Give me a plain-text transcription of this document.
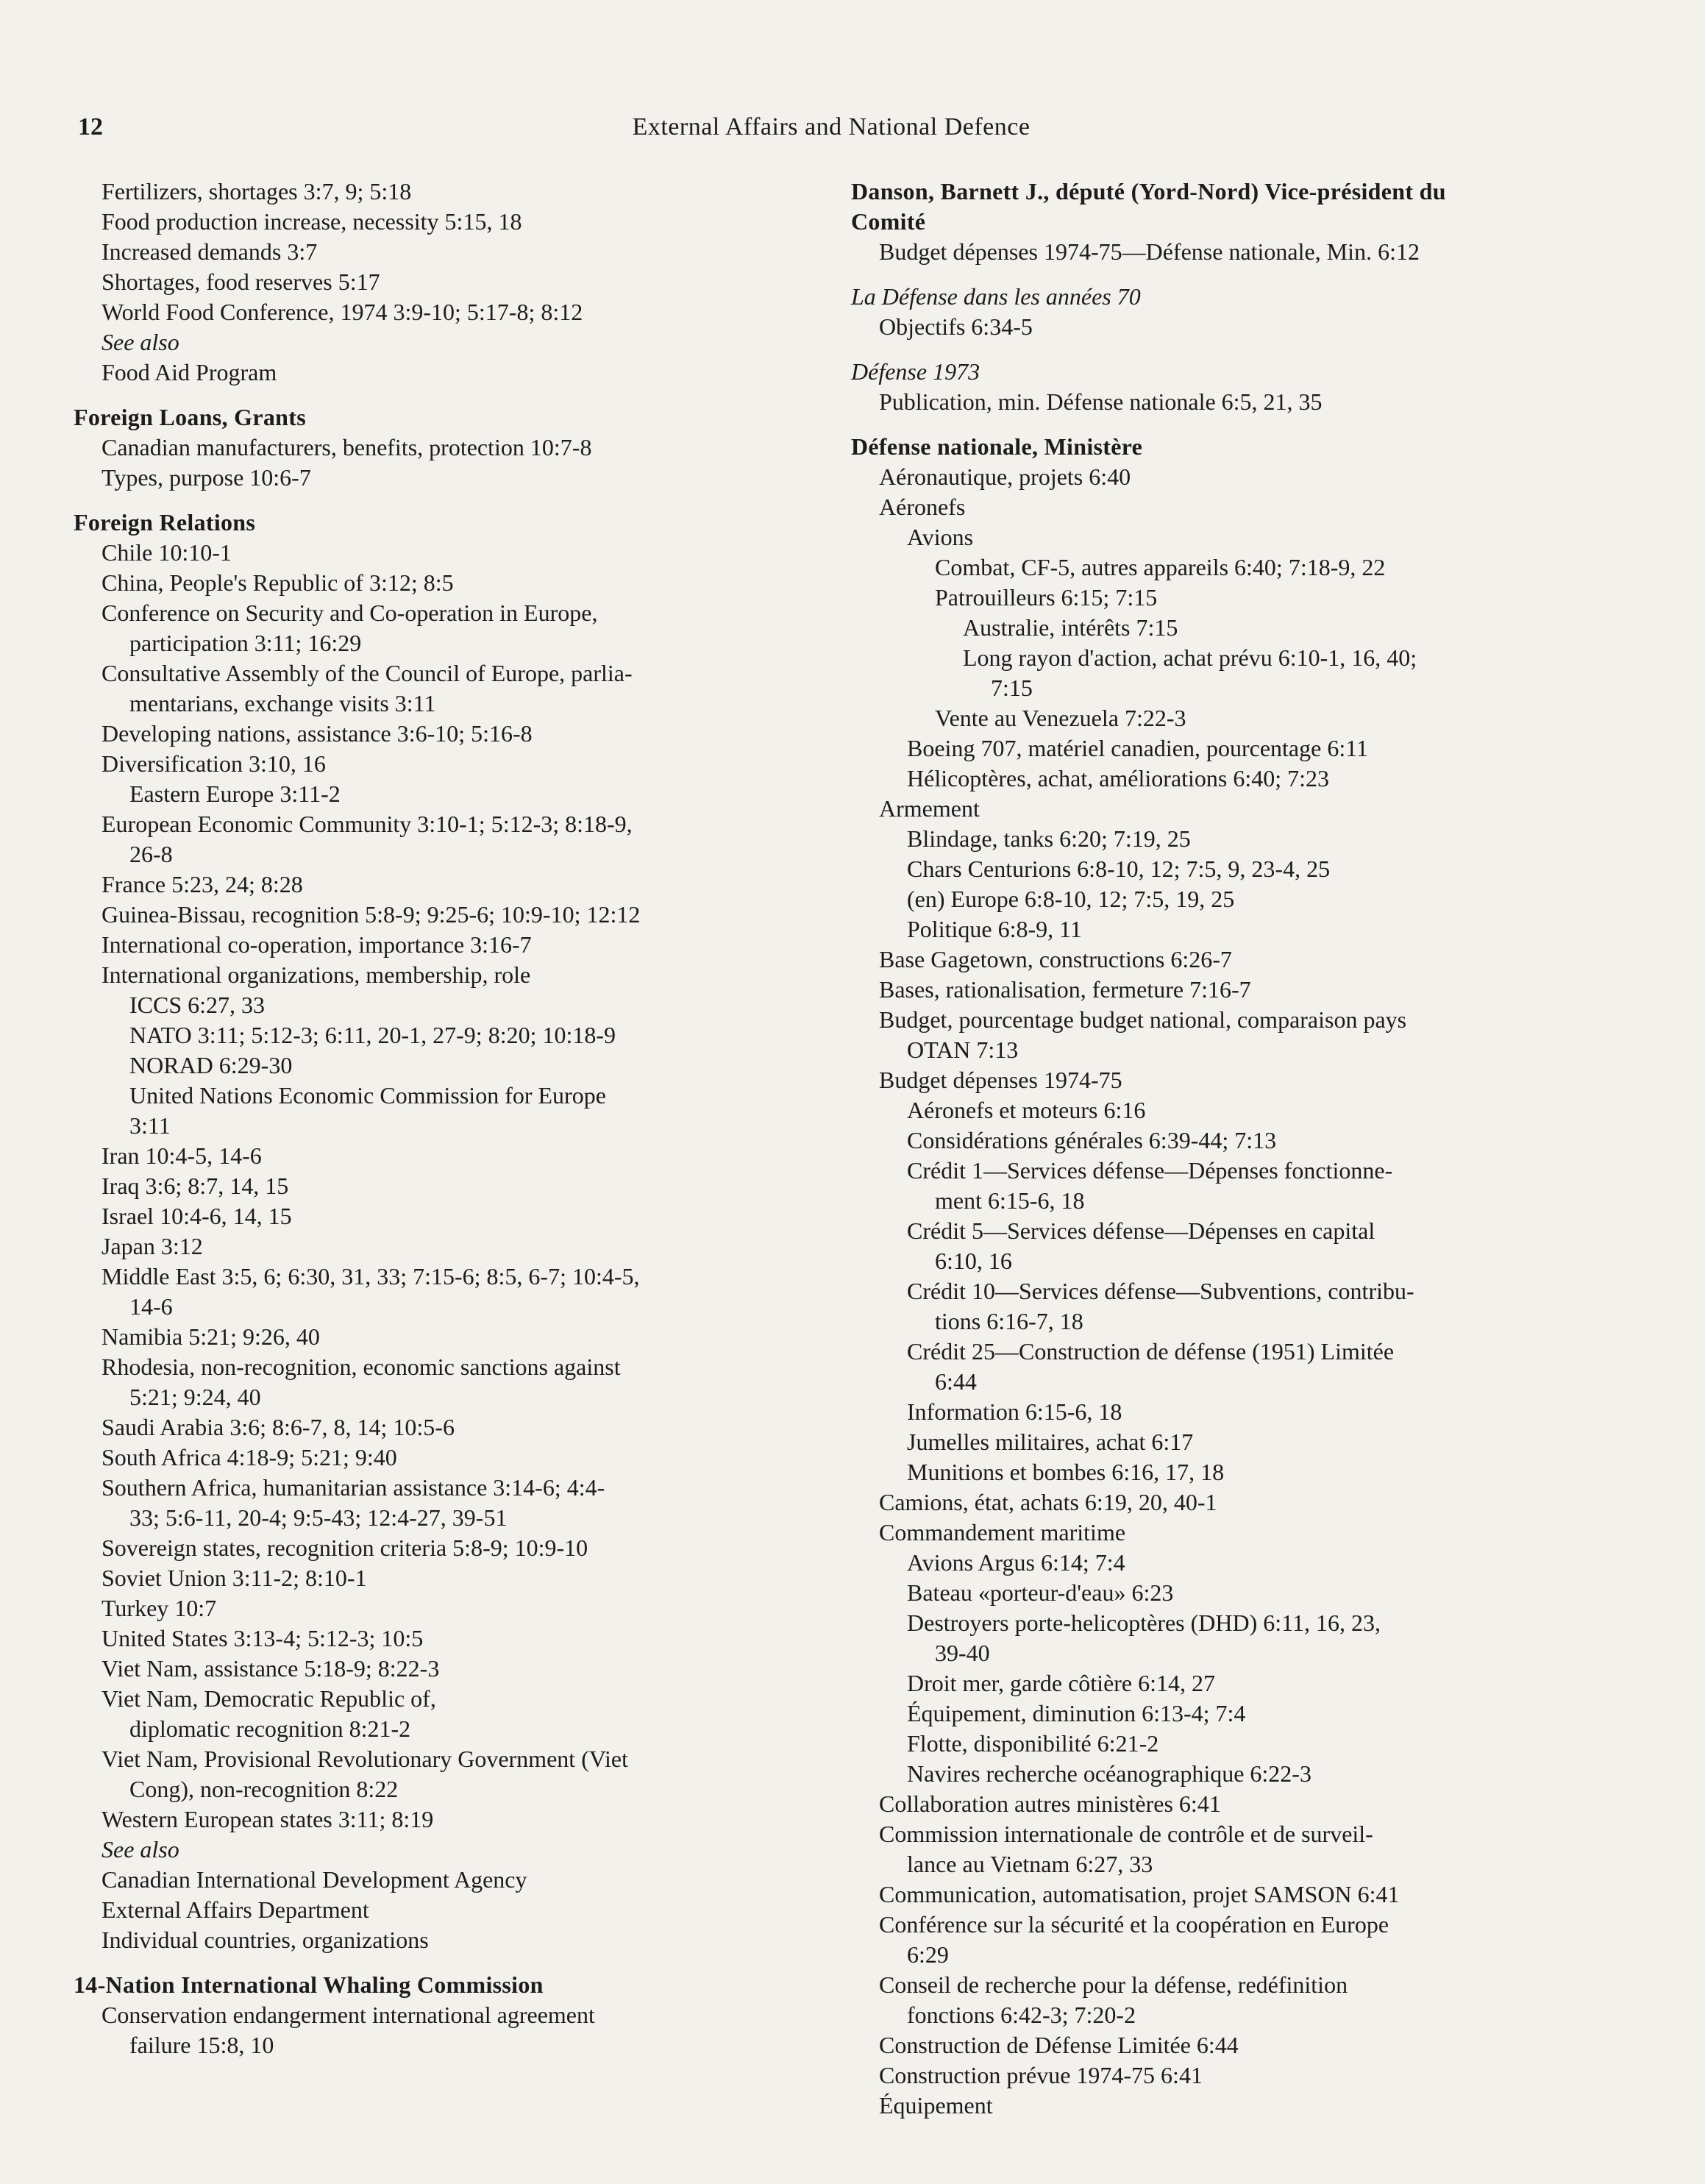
12	External Affairs and National Defence
Fertilizers, shortages 3:7, 9; 5:18
Food production increase, necessity 5:15, 18
Increased demands 3:7
Shortages, food reserves 5:17
World Food Conference, 1974 3:9-10; 5:17-8; 8:12
See also
Food Aid Program
Foreign Loans, Grants
Canadian manufacturers, benefits, protection 10:7-8
Types, purpose 10:6-7
Foreign Relations
Chile 10:10-1
China, People's Republic of 3:12; 8:5
Conference on Security and Co-operation in Europe,
participation 3:11; 16:29
Consultative Assembly of the Council of Europe, parlia-
mentarians, exchange visits 3:11
Developing nations, assistance 3:6-10; 5:16-8
Diversification 3:10, 16
Eastern Europe 3:11-2
European Economic Community 3:10-1; 5:12-3; 8:18-9,
26-8
France 5:23, 24; 8:28
Guinea-Bissau, recognition 5:8-9; 9:25-6; 10:9-10; 12:12
International co-operation, importance 3:16-7
International organizations, membership, role
ICCS 6:27, 33
NATO 3:11; 5:12-3; 6:11, 20-1, 27-9; 8:20; 10:18-9
NORAD 6:29-30
United Nations Economic Commission for Europe
3:11
Iran 10:4-5, 14-6
Iraq 3:6; 8:7, 14, 15
Israel 10:4-6, 14, 15
Japan 3:12
Middle East 3:5, 6; 6:30, 31, 33; 7:15-6; 8:5, 6-7; 10:4-5,
14-6
Namibia 5:21; 9:26, 40
Rhodesia, non-recognition, economic sanctions against
5:21; 9:24, 40
Saudi Arabia 3:6; 8:6-7, 8, 14; 10:5-6
South Africa 4:18-9; 5:21; 9:40
Southern Africa, humanitarian assistance 3:14-6; 4:4-
33; 5:6-11, 20-4; 9:5-43; 12:4-27, 39-51
Sovereign states, recognition criteria 5:8-9; 10:9-10
Soviet Union 3:11-2; 8:10-1
Turkey 10:7
United States 3:13-4; 5:12-3; 10:5
Viet Nam, assistance 5:18-9; 8:22-3
Viet Nam, Democratic Republic of,
diplomatic recognition 8:21-2
Viet Nam, Provisional Revolutionary Government (Viet
Cong), non-recognition 8:22
Western European states 3:11; 8:19
See also
Canadian International Development Agency
External Affairs Department
Individual countries, organizations
14-Nation International Whaling Commission
Conservation endangerment international agreement
failure 15:8, 10
Danson, Barnett J., député (Yord-Nord) Vice-président du
Comité
Budget dépenses 1974-75—Défense nationale, Min. 6:12
La Défense dans les années 70
Objectifs 6:34-5
Défense 1973
Publication, min. Défense nationale 6:5, 21, 35
Défense nationale, Ministère
Aéronautique, projets 6:40
Aéronefs
Avions
Combat, CF-5, autres appareils 6:40; 7:18-9, 22
Patrouilleurs 6:15; 7:15
Australie, intérêts 7:15
Long rayon d'action, achat prévu 6:10-1, 16, 40;
7:15
Vente au Venezuela 7:22-3
Boeing 707, matériel canadien, pourcentage 6:11
Hélicoptères, achat, améliorations 6:40; 7:23
Armement
Blindage, tanks 6:20; 7:19, 25
Chars Centurions 6:8-10, 12; 7:5, 9, 23-4, 25
(en) Europe 6:8-10, 12; 7:5, 19, 25
Politique 6:8-9, 11
Base Gagetown, constructions 6:26-7
Bases, rationalisation, fermeture 7:16-7
Budget, pourcentage budget national, comparaison pays
OTAN 7:13
Budget dépenses 1974-75
Aéronefs et moteurs 6:16
Considérations générales 6:39-44; 7:13
Crédit 1—Services défense—Dépenses fonctionne-
ment 6:15-6, 18
Crédit 5—Services défense—Dépenses en capital
6:10, 16
Crédit 10—Services défense—Subventions, contribu-
tions 6:16-7, 18
Crédit 25—Construction de défense (1951) Limitée
6:44
Information 6:15-6, 18
Jumelles militaires, achat 6:17
Munitions et bombes 6:16, 17, 18
Camions, état, achats 6:19, 20, 40-1
Commandement maritime
Avions Argus 6:14; 7:4
Bateau «porteur-d'eau» 6:23
Destroyers porte-helicoptères (DHD) 6:11, 16, 23,
39-40
Droit mer, garde côtière 6:14, 27
Équipement, diminution 6:13-4; 7:4
Flotte, disponibilité 6:21-2
Navires recherche océanographique 6:22-3
Collaboration autres ministères 6:41
Commission internationale de contrôle et de surveil-
lance au Vietnam 6:27, 33
Communication, automatisation, projet SAMSON 6:41
Conférence sur la sécurité et la coopération en Europe
6:29
Conseil de recherche pour la défense, redéfinition
fonctions 6:42-3; 7:20-2
Construction de Défense Limitée 6:44
Construction prévue 1974-75 6:41
Équipement
